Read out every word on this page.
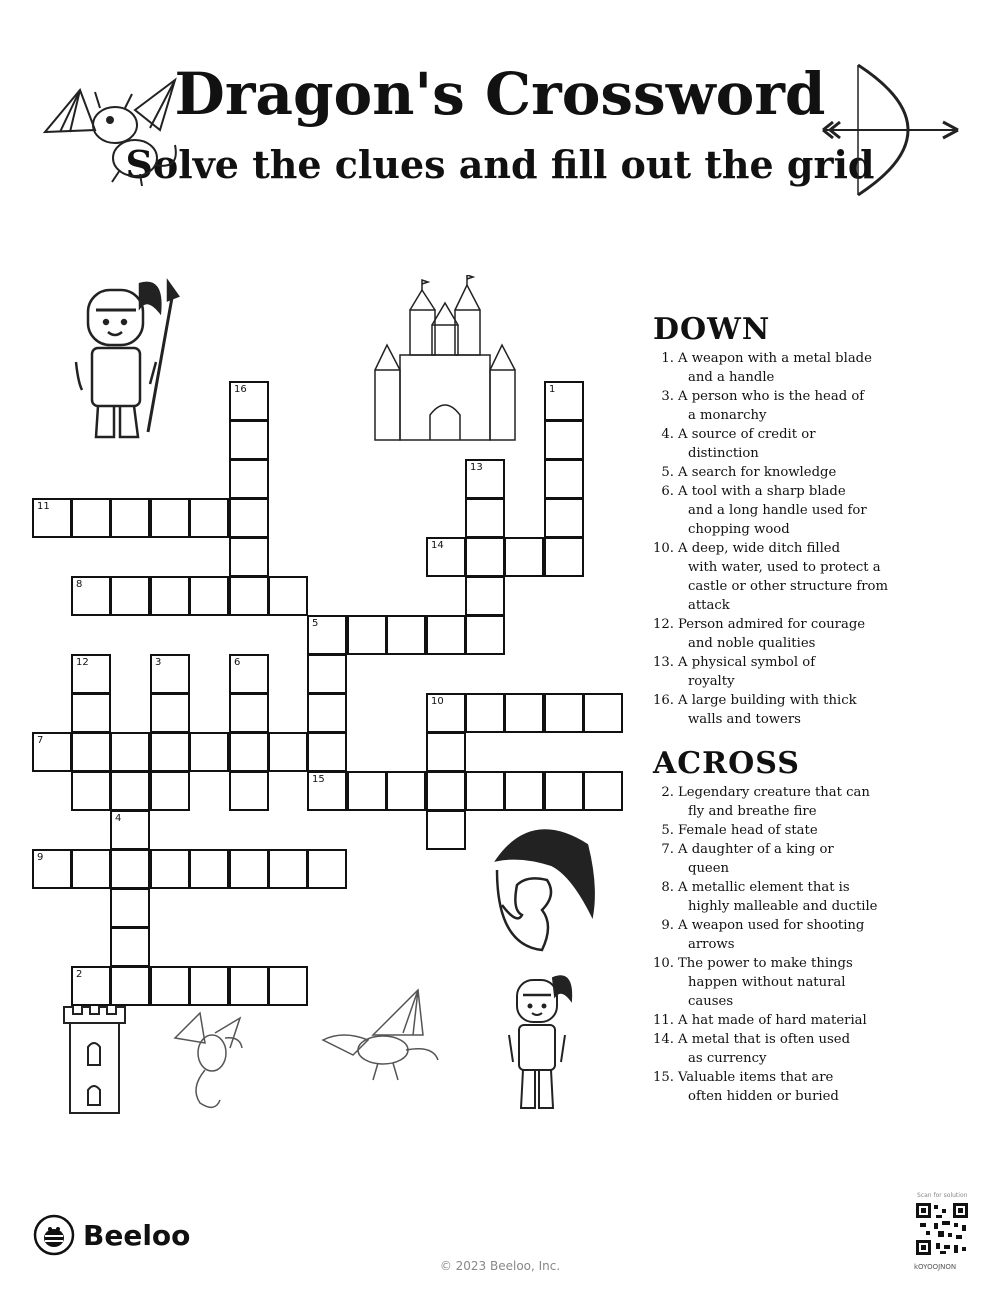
Dragon's Crossword
Solve the clues and fill out the grid
16	1
13
11
14
8
5
12	3	6
10
7
15
4
9
2
DOWN
1. A weapon with a metal blade
and a handle
3. A person who is the head of
a monarchy
4. A source of credit or
distinction
5. A search for knowledge
6. A tool with a sharp blade
and a long handle used for
chopping wood
10. A deep, wide ditch filled
with water, used to protect a
castle or other structure from
attack
12. Person admired for courage
and noble qualities
13. A physical symbol of
royalty
16. A large building with thick
walls and towers
ACROSS
2. Legendary creature that can
fly and breathe fire
5. Female head of state
7. A daughter of a king or
queen
8. A metallic element that is
highly malleable and ductile
9. A weapon used for shooting
arrows
10. The power to make things
happen without natural causes
11. A hat made of hard material
14. A metal that is often used
as currency
15. Valuable items that are
often hidden or buried
Beeloo
© 2023 Beeloo, Inc.
Scan for solution
kOYOOJNON
